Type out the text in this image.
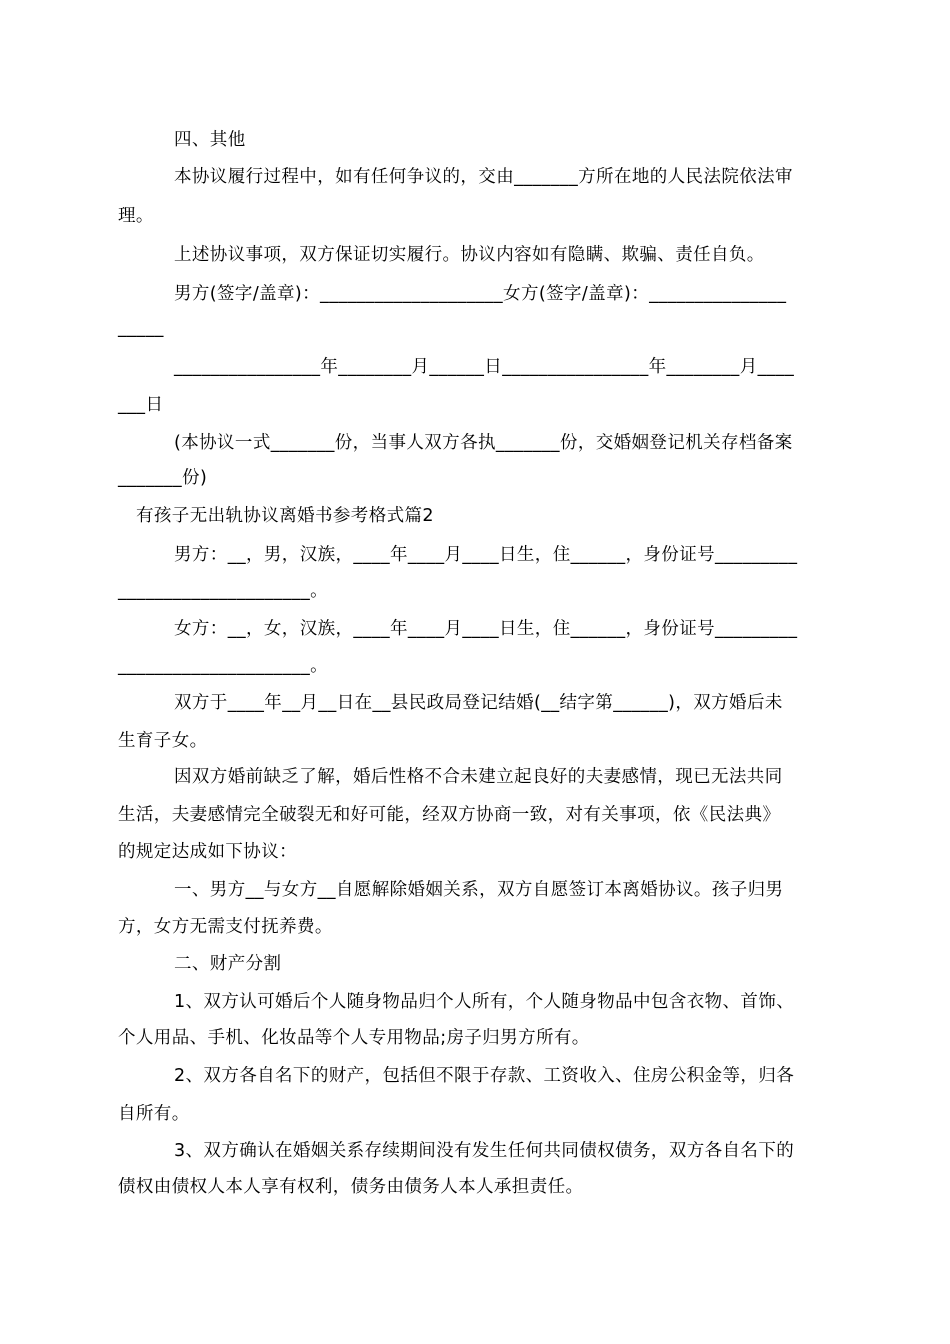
四、其他
本协议履行过程中，如有任何争议的，交由_______方所在地的人民法院依法审
理。
上述协议事项，双方保证切实履行。协议内容如有隐瞒、欺骗、责任自负。
男方(签字/盖章)：____________________女方(签字/盖章)：_______________
_____
________________年________月______日________________年________月____
___日
(本协议一式_______份，当事人双方各执_______份，交婚姻登记机关存档备案
_______份)
有孩子无出轨协议离婚书参考格式篇2
男方：__，男，汉族，____年____月____日生，住______，身份证号_________
_____________________。
女方：__，女，汉族，____年____月____日生，住______，身份证号_________
_____________________。
双方于____年__月__日在__县民政局登记结婚(__结字第______)，双方婚后未
生育子女。
因双方婚前缺乏了解，婚后性格不合未建立起良好的夫妻感情，现已无法共同
生活，夫妻感情完全破裂无和好可能，经双方协商一致，对有关事项，依《民法典》
的规定达成如下协议：
一、男方__与女方__自愿解除婚姻关系，双方自愿签订本离婚协议。孩子归男
方，女方无需支付抚养费。
二、财产分割
1、双方认可婚后个人随身物品归个人所有，个人随身物品中包含衣物、首饰、
个人用品、手机、化妆品等个人专用物品;房子归男方所有。
2、双方各自名下的财产，包括但不限于存款、工资收入、住房公积金等，归各
自所有。
3、双方确认在婚姻关系存续期间没有发生任何共同债权债务，双方各自名下的
债权由债权人本人享有权利，债务由债务人本人承担责任。
